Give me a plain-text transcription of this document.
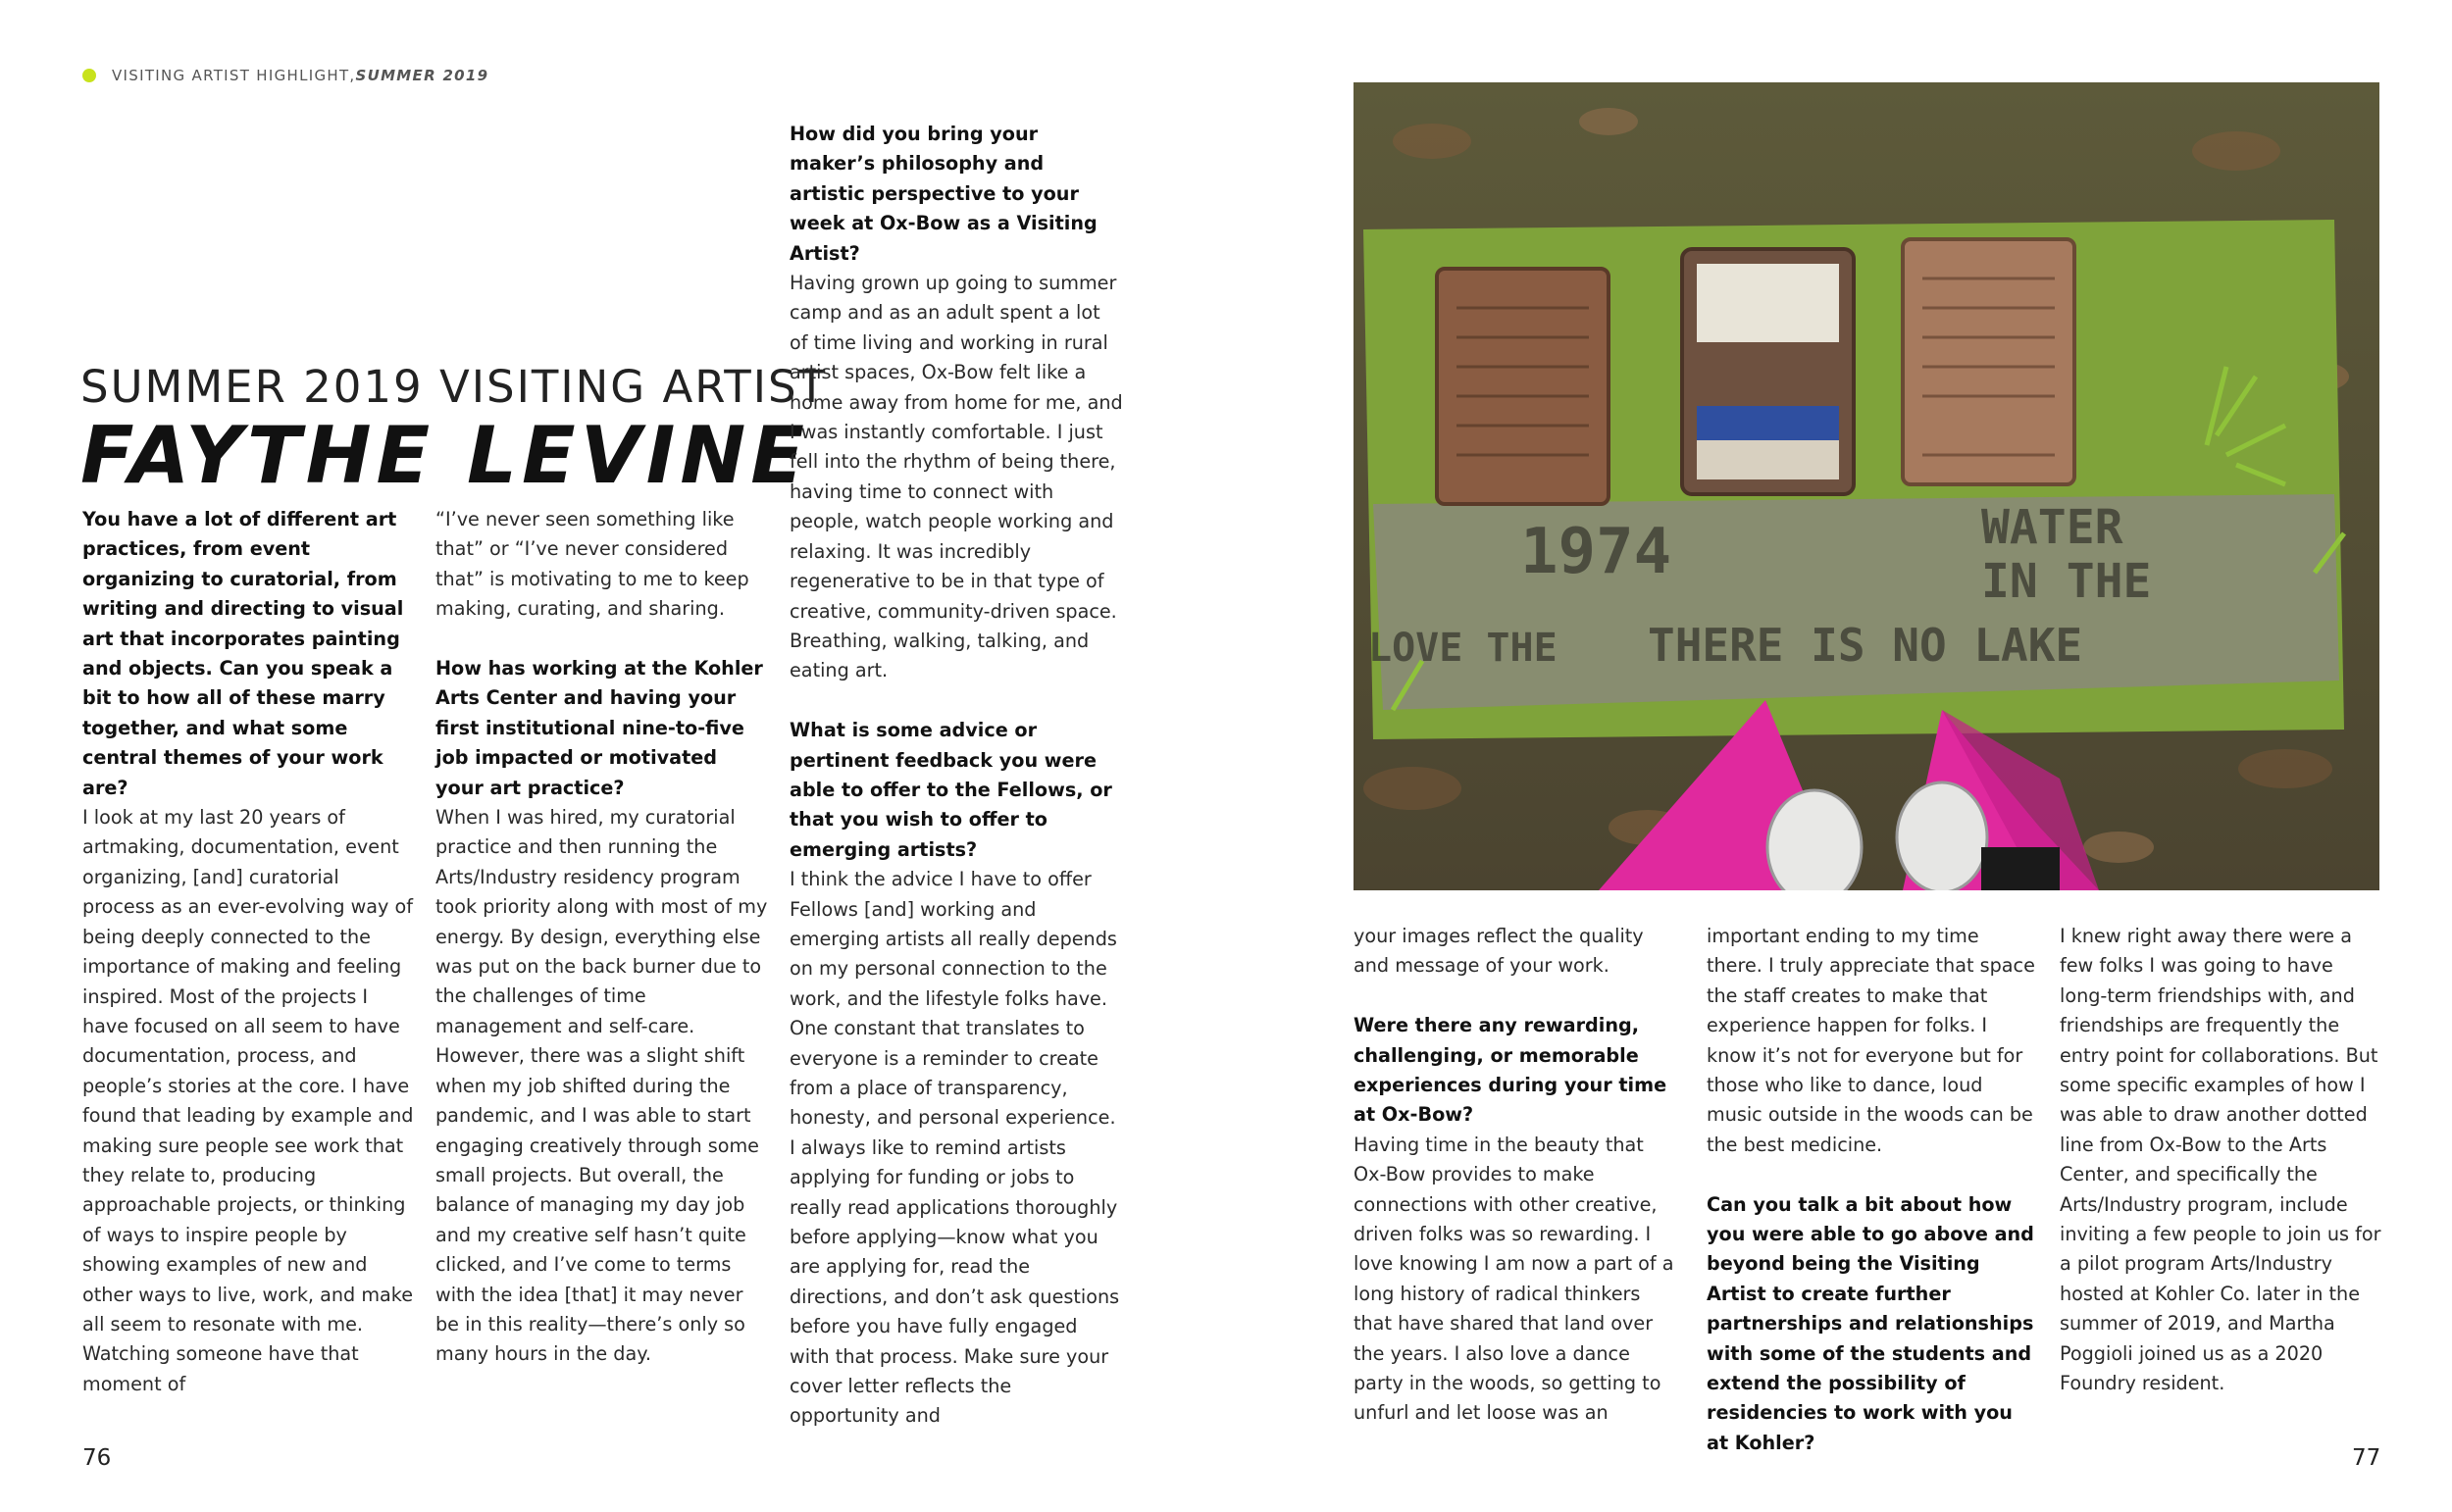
VISITING ARTIST HIGHLIGHT, SUMMER 2019
SUMMER 2019 VISITING ARTIST
FAYTHE LEVINE

You have a lot of different art practices, from event organizing to curatorial, from writing and directing to visual art that incorporates painting and objects. Can you speak a bit to how all of these marry together, and what some central themes of your work are?

I look at my last 20 years of artmaking, documentation, event organizing, [and] curatorial process as an ever-evolving way of being deeply connected to the importance of making and feeling inspired. Most of the projects I have focused on all seem to have documentation, process, and people’s stories at the core. I have found that leading by example and making sure people see work that they relate to, producing approachable projects, or thinking of ways to inspire people by showing examples of new and other ways to live, work, and make all seem to resonate with me. Watching someone have that moment of

“I’ve never seen something like that” or “I’ve never considered that” is motivating to me to keep making, curating, and sharing.

How has working at the Kohler Arts Center and having your first institutional nine-to-five job impacted or motivated your art practice?

When I was hired, my curatorial practice and then running the Arts/Industry residency program took priority along with most of my energy. By design, everything else was put on the back burner due to the challenges of time management and self-care. However, there was a slight shift when my job shifted during the pandemic, and I was able to start engaging creatively through some small projects. But overall, the balance of managing my day job and my creative self hasn’t quite clicked, and I’ve come to terms with the idea [that] it may never be in this reality—there’s only so many hours in the day.

How did you bring your maker’s philosophy and artistic perspective to your week at Ox-Bow as a Visiting Artist?

Having grown up going to summer camp and as an adult spent a lot of time living and working in rural artist spaces, Ox-Bow felt like a home away from home for me, and I was instantly comfortable. I just fell into the rhythm of being there, having time to connect with people, watch people working and relaxing. It was incredibly regenerative to be in that type of creative, community-driven space. Breathing, walking, talking, and eating art.

What is some advice or pertinent feedback you were able to offer to the Fellows, or that you wish to offer to emerging artists?

I think the advice I have to offer Fellows [and] working and emerging artists all really depends on my personal connection to the work, and the lifestyle folks have. One constant that translates to everyone is a reminder to create from a place of transparency, honesty, and personal experience. I always like to remind artists applying for funding or jobs to really read applications thoroughly before applying—know what you are applying for, read the directions, and don’t ask questions before you have fully engaged with that process. Make sure your cover letter reflects the opportunity and

76
1974	WATER
IN THE
THERE IS NO LAKE
LOVE THE

your images reflect the quality and message of your work.

Were there any rewarding, challenging, or memorable experiences during your time at Ox-Bow?

Having time in the beauty that Ox-Bow provides to make connections with other creative, driven folks was so rewarding. I love knowing I am now a part of a long history of radical thinkers that have shared that land over the years. I also love a dance party in the woods, so getting to unfurl and let loose was an

important ending to my time there. I truly appreciate that space the staff creates to make that experience happen for folks. I know it’s not for everyone but for those who like to dance, loud music outside in the woods can be the best medicine.

Can you talk a bit about how you were able to go above and beyond being the Visiting Artist to create further partnerships and relationships with some of the students and extend the possibility of residencies to work with you at Kohler?

I knew right away there were a few folks I was going to have long-term friendships with, and friendships are frequently the entry point for collaborations. But some specific examples of how I was able to draw another dotted line from Ox-Bow to the Arts Center, and specifically the Arts/Industry program, include inviting a few people to join us for a pilot program Arts/Industry hosted at Kohler Co. later in the summer of 2019, and Martha Poggioli joined us as a 2020 Foundry resident.

77
